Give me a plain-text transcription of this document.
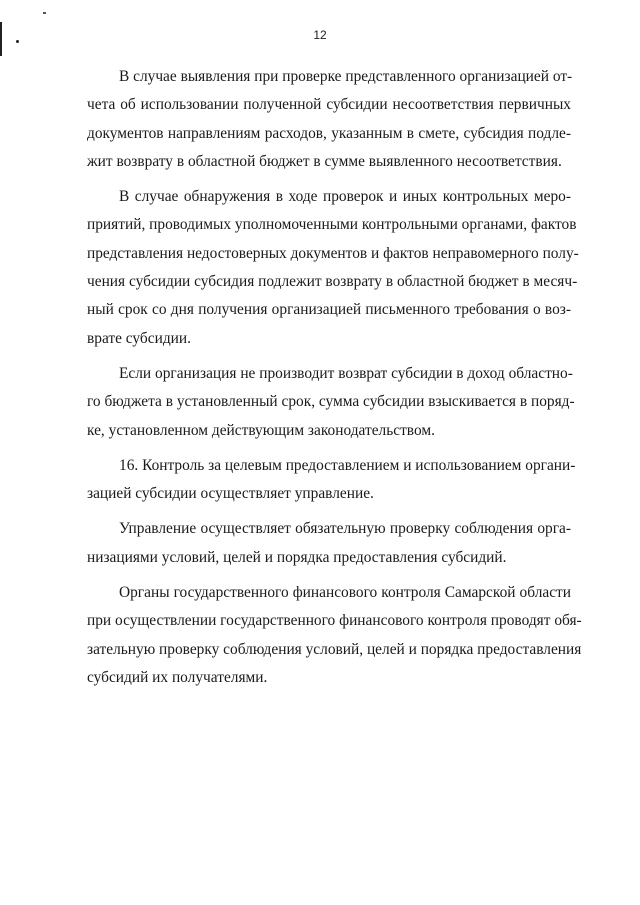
12
В случае выявления при проверке представленного организацией от-
чета об использовании полученной субсидии несоответствия первичных
документов направлениям расходов, указанным в смете, субсидия подле-
жит возврату в областной бюджет в сумме выявленного несоответствия.
В случае обнаружения в ходе проверок и иных контрольных меро-
приятий, проводимых уполномоченными контрольными органами, фактов
представления недостоверных документов и фактов неправомерного полу-
чения субсидии субсидия подлежит возврату в областной бюджет в месяч-
ный срок со дня получения организацией письменного требования о воз-
врате субсидии.
Если организация не производит возврат субсидии в доход областно-
го бюджета в установленный срок, сумма субсидии взыскивается в поряд-
ке, установленном действующим законодательством.
16. Контроль за целевым предоставлением и использованием органи-
зацией субсидии осуществляет управление.
Управление осуществляет обязательную проверку соблюдения орга-
низациями условий, целей и порядка предоставления субсидий.
Органы государственного финансового контроля Самарской области
при осуществлении государственного финансового контроля проводят обя-
зательную проверку соблюдения условий, целей и порядка предоставления
субсидий их получателями.
